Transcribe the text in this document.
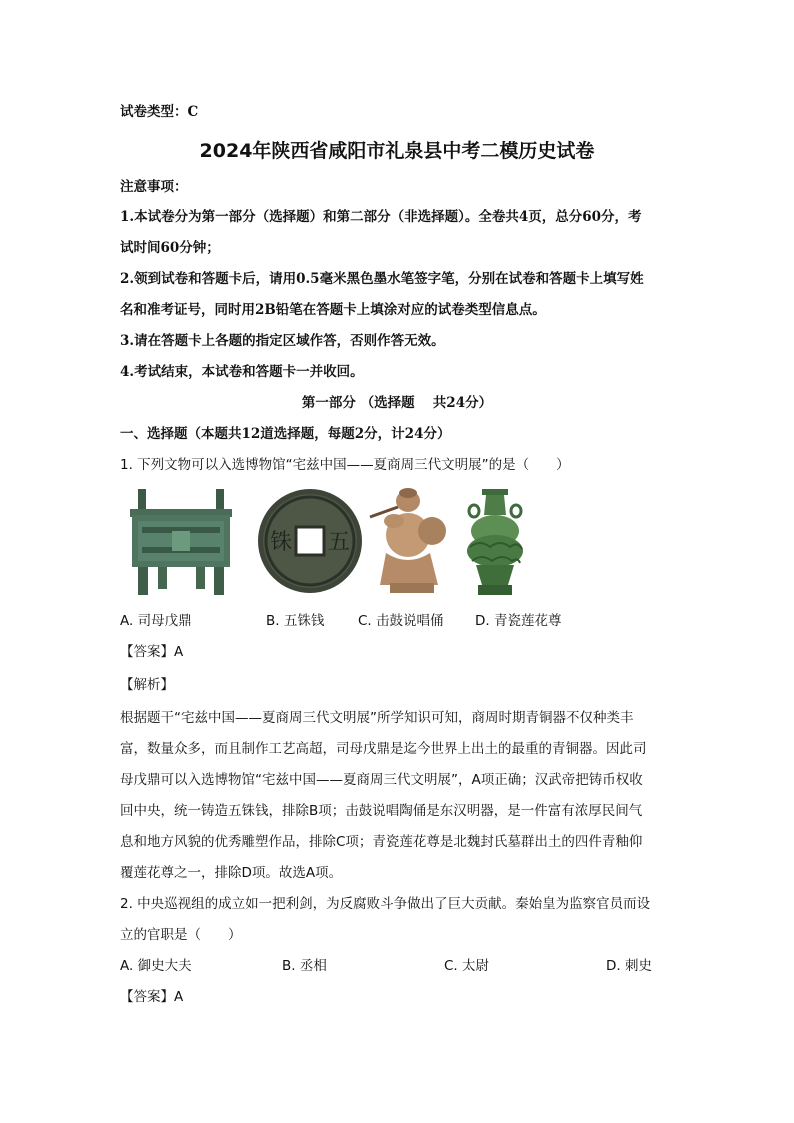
试卷类型：C
2024年陕西省咸阳市礼泉县中考二模历史试卷
注意事项：
1.本试卷分为第一部分（选择题）和第二部分（非选择题）。全卷共4页，总分60分，考
试时间60分钟；
2.领到试卷和答题卡后，请用0.5毫米黑色墨水笔签字笔，分别在试卷和答题卡上填写姓
名和准考证号，同时用2B铅笔在答题卡上填涂对应的试卷类型信息点。
3.请在答题卡上各题的指定区域作答，否则作答无效。
4.考试结束，本试卷和答题卡一并收回。
第一部分 （选择题　 共24分）
一、选择题（本题共12道选择题，每题2分，计24分）
1. 下列文物可以入选博物馆“宅兹中国——夏商周三代文明展”的是（　　）
五
铢
A. 司母戊鼎	B. 五铢钱 C. 击鼓说唱俑 D. 青瓷莲花尊
【答案】A
【解析】
根据题干“宅兹中国——夏商周三代文明展”所学知识可知，商周时期青铜器不仅种类丰
富，数量众多，而且制作工艺高超，司母戊鼎是迄今世界上出土的最重的青铜器。因此司
母戊鼎可以入选博物馆“宅兹中国——夏商周三代文明展”，A项正确；汉武帝把铸币权收
回中央，统一铸造五铢钱，排除B项；击鼓说唱陶俑是东汉明器，是一件富有浓厚民间气
息和地方风貌的优秀雕塑作品，排除C项；青瓷莲花尊是北魏封氏墓群出土的四件青釉仰
覆莲花尊之一，排除D项。故选A项。
2. 中央巡视组的成立如一把利剑，为反腐败斗争做出了巨大贡献。秦始皇为监察官员而设
立的官职是（　　）
A. 御史大夫	B. 丞相	C. 太尉	D. 刺史
【答案】A
